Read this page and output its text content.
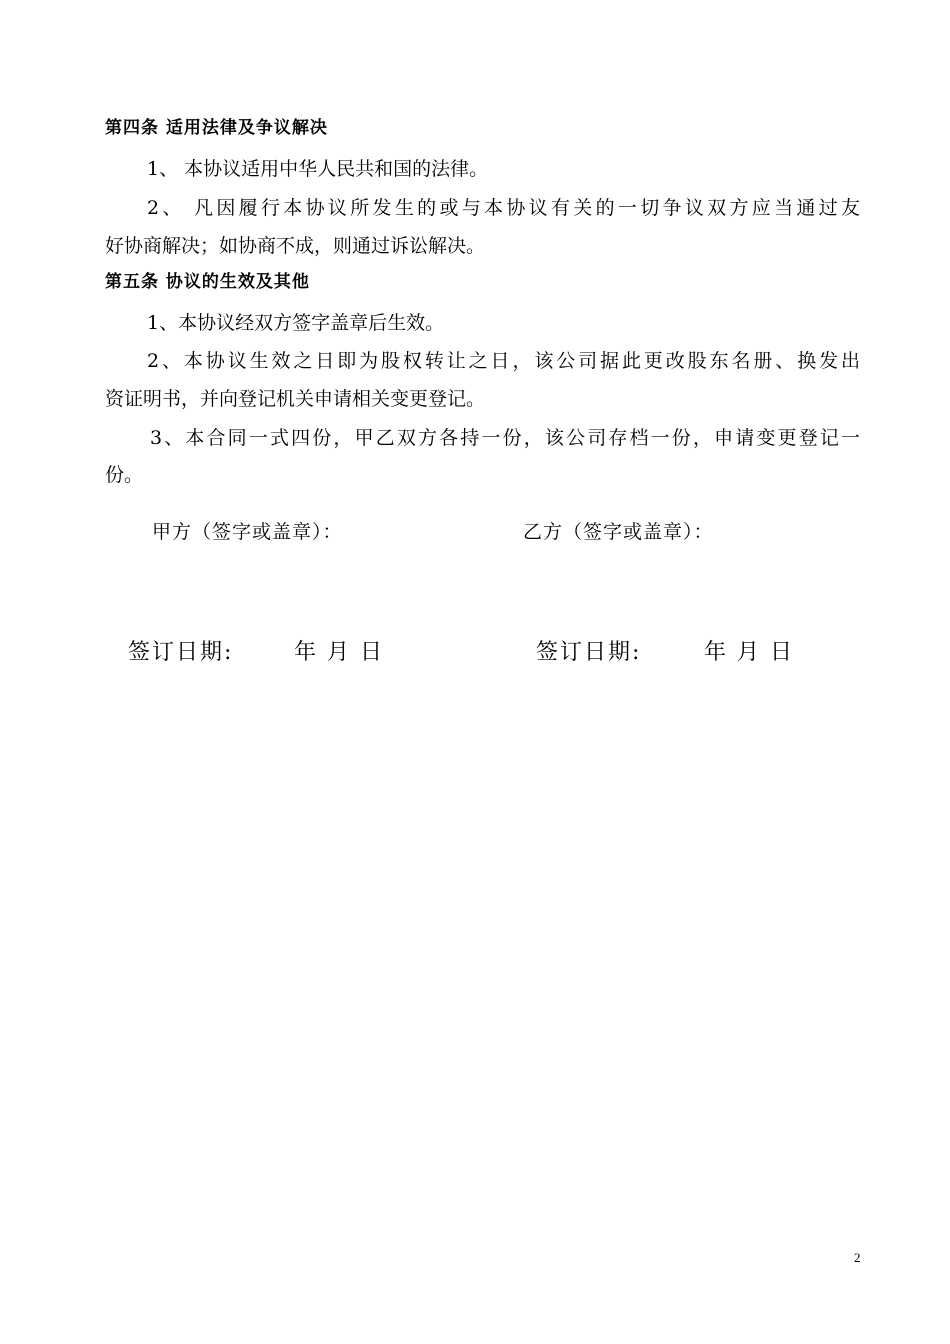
第四条 适用法律及争议解决
1、 本协议适用中华人民共和国的法律。
2、 凡因履行本协议所发生的或与本协议有关的一切争议双方应当通过友
好协商解决；如协商不成，则通过诉讼解决。
第五条 协议的生效及其他
1、本协议经双方签字盖章后生效。
2、本协议生效之日即为股权转让之日，该公司据此更改股东名册、换发出
资证明书，并向登记机关申请相关变更登记。
3、本合同一式四份，甲乙双方各持一份，该公司存档一份，申请变更登记一
份。
甲方（签字或盖章）：	乙方（签字或盖章）：
签订日期:	年 月 日	签订日期:	年 月 日
2
